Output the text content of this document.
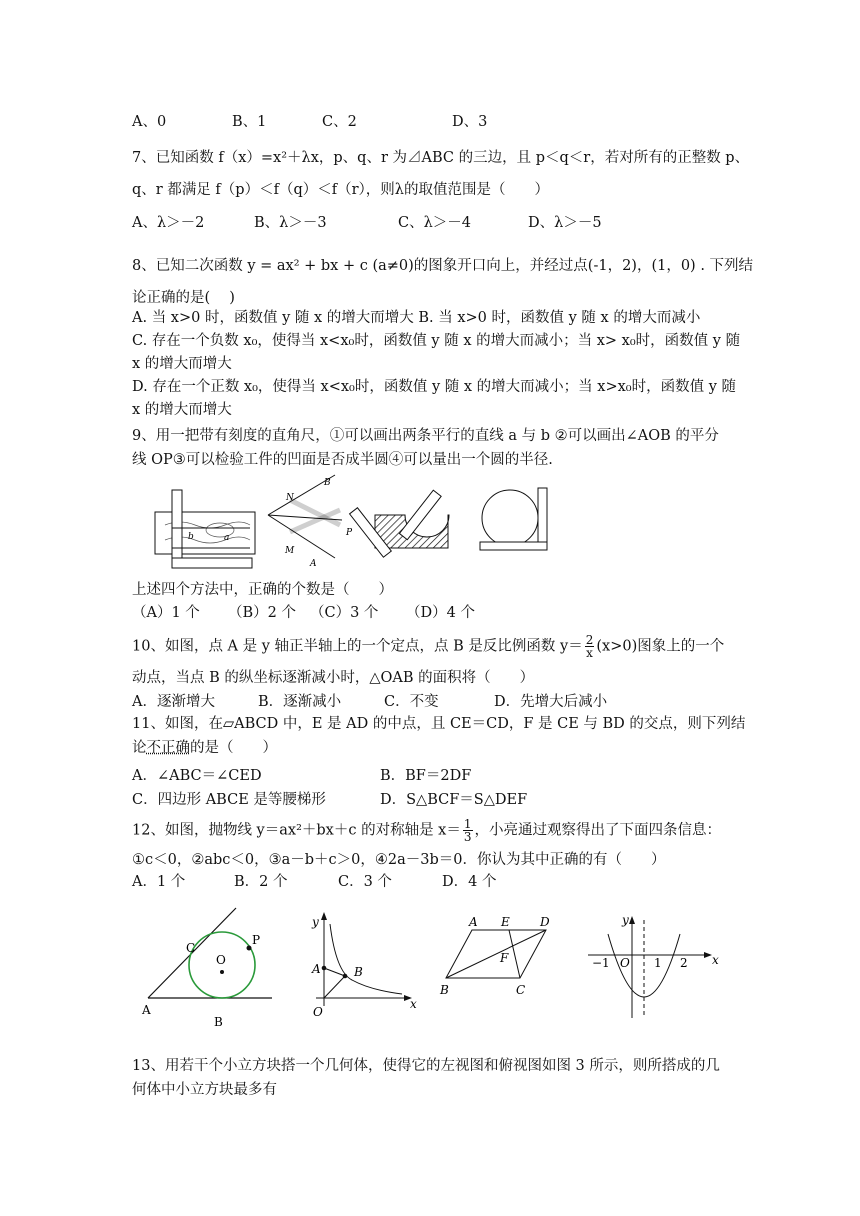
A、0	B、1	C、2	D、3
7、已知函数 f（x）=x²＋λx，p、q、r 为⊿ABC 的三边，且 p＜q＜r，若对所有的正整数 p、
q、r 都满足 f（p）＜f（q）＜f（r），则λ的取值范围是（　　）
A、λ＞－2	B、λ＞－3	C、λ＞－4	D、λ＞－5
8、已知二次函数 y = ax² + bx + c (a≠0)的图象开口向上，并经过点(-1，2)，(1，0) . 下列结
论正确的是(　 )
A. 当 x>0 时，函数值 y 随 x 的增大而增大 B. 当 x>0 时，函数值 y 随 x 的增大而减小
C. 存在一个负数 x₀，使得当 x<x₀时，函数值 y 随 x 的增大而减小；当 x> x₀时，函数值 y 随
x 的增大而增大
D. 存在一个正数 x₀，使得当 x<x₀时，函数值 y 随 x 的增大而减小；当 x>x₀时，函数值 y 随
x 的增大而增大
9、用一把带有刻度的直角尺，①可以画出两条平行的直线 a 与 b ②可以画出∠AOB 的平分
线 OP③可以检验工件的凹面是否成半圆④可以量出一个圆的半径.
b	a
B
N
P
M
A
上述四个方法中，正确的个数是（　　）
（A）1 个 （B）2 个 （C）3 个 （D）4 个
10、如图，点 A 是 y 轴正半轴上的一个定点，点 B 是反比例函数 $y= \frac{2}{x} (x>0)$图象上的一个
动点，当点 B 的纵坐标逐渐减小时，△OAB 的面积将（　　）
A．逐渐增大	B．逐渐减小	C．不变	D．先增大后减小
11、如图，在▱ABCD 中，E 是 AD 的中点，且 CE＝CD，F 是 CE 与 BD 的交点，则下列结
论不正确的是（　　）
A．∠ABC＝∠CED	B．BF＝2DF
C．四边形 ABCE 是等腰梯形	D．S△BCF＝S△DEF
12、如图，抛物线 y＝ax²＋bx＋c 的对称轴是 $x= \frac{1}{3}$ ，小亮通过观察得出了下面四条信息：
①c＜0，②abc＜0，③a－b＋c＞0，④2a－3b＝0．你认为其中正确的有（　　）
A．1 个	B．2 个	C．3 个	D．4 个
C
P
O
A
B
y
A	B
O
x
A E	D
F
B	C
y
−1 O 1 2 x
13、用若干个小立方块搭一个几何体，使得它的左视图和俯视图如图 3 所示，则所搭成的几
何体中小立方块最多有
